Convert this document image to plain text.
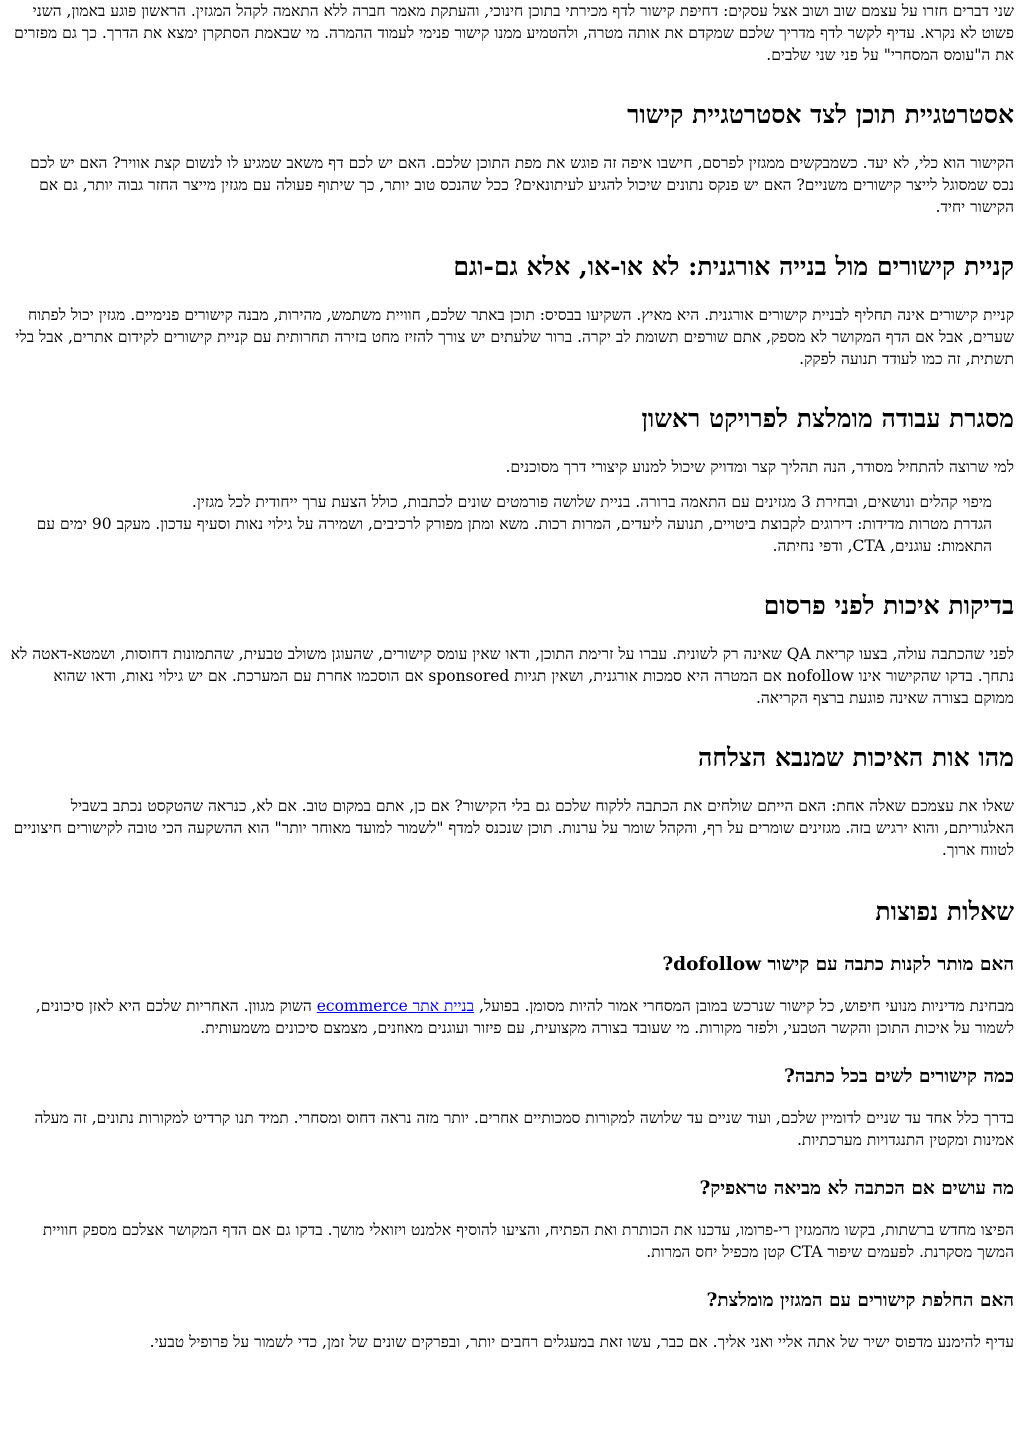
שני דברים חזרו על עצמם שוב ושוב אצל עסקים: דחיפת קישור לדף מכירתי בתוכן חינוכי, והעתקת מאמר חברה ללא התאמה לקהל המגזין. הראשון פוגע באמון, השני פשוט לא נקרא. עדיף לקשר לדף מדריך שלכם שמקדם את אותה מטרה, ולהטמיע ממנו קישור פנימי לעמוד ההמרה. מי שבאמת הסתקרן ימצא את הדרך. כך גם מפזרים את ה"עומס המסחרי" על פני שני שלבים.

אסטרטגיית תוכן לצד אסטרטגיית קישור

הקישור הוא כלי, לא יעד. כשמבקשים ממגזין לפרסם, חישבו איפה זה פוגש את מפת התוכן שלכם. האם יש לכם דף משאב שמגיע לו לנשום קצת אוויר? האם יש לכם נכס שמסוגל לייצר קישורים משניים? האם יש פנקס נתונים שיכול להגיע לעיתונאים? ככל שהנכס טוב יותר, כך שיתוף פעולה עם מגזין מייצר החזר גבוה יותר, גם אם הקישור יחיד.

קניית קישורים מול בנייה אורגנית: לא או-או, אלא גם-וגם

קניית קישורים אינה תחליף לבניית קישורים אורגנית. היא מאיץ. השקיעו בבסיס: תוכן באתר שלכם, חוויית משתמש, מהירות, מבנה קישורים פנימיים. מגזין יכול לפתוח שערים, אבל אם הדף המקושר לא מספק, אתם שורפים תשומת לב יקרה. ברור שלעתים יש צורך להזיז מחט בזירה תחרותית עם קניית קישורים לקידום אתרים, אבל בלי תשתית, זה כמו לעודד תנועה לפקק.

מסגרת עבודה מומלצת לפרויקט ראשון

למי שרוצה להתחיל מסודר, הנה תהליך קצר ומדויק שיכול למנוע קיצורי דרך מסוכנים.

מיפוי קהלים ונושאים, ובחירת 3 מגזינים עם התאמה ברורה. בניית שלושה פורמטים שונים לכתבות, כולל הצעת ערך ייחודית לכל מגזין.
הגדרת מטרות מדידות: דירוגים לקבוצת ביטויים, תנועה ליעדים, המרות רכות. משא ומתן מפורק לרכיבים, ושמירה על גילוי נאות וסעיף עדכון. מעקב 90 ימים עם התאמות: עוגנים, CTA, ודפי נחיתה.
בדיקות איכות לפני פרסום

לפני שהכתבה עולה, בצעו קריאת QA שאינה רק לשונית. עברו על זרימת התוכן, ודאו שאין עומס קישורים, שהעוגן משולב טבעית, שהתמונות דחוסות, ושמטא-דאטה לא נתחך. בדקו שהקישור אינו nofollow אם המטרה היא סמכות אורגנית, ושאין תגיות sponsored אם הוסכמו אחרת עם המערכת. אם יש גילוי נאות, ודאו שהוא ממוקם בצורה שאינה פוגעת ברצף הקריאה.

מהו אות האיכות שמנבא הצלחה

שאלו את עצמכם שאלה אחת: האם הייתם שולחים את הכתבה ללקוח שלכם גם בלי הקישור? אם כן, אתם במקום טוב. אם לא, כנראה שהטקסט נכתב בשביל האלגוריתם, והוא ירגיש בזה. מגזינים שומרים על רף, והקהל שומר על ערנות. תוכן שנכנס למדף "לשמור למועד מאוחר יותר" הוא ההשקעה הכי טובה לקישורים חיצוניים לטווח ארוך.

שאלות נפוצות
האם מותר לקנות כתבה עם קישור dofollow?

מבחינת מדיניות מנועי חיפוש, כל קישור שנרכש במובן המסחרי אמור להיות מסומן. בפועל, בניית אתר ecommerce השוק מגוון. האחריות שלכם היא לאזן סיכונים, לשמור על איכות התוכן והקשר הטבעי, ולפזר מקורות. מי שעובד בצורה מקצועית, עם פיזור ועוגנים מאוזנים, מצמצם סיכונים משמעותית.

כמה קישורים לשים בכל כתבה?

בדרך כלל אחד עד שניים לדומיין שלכם, ועוד שניים עד שלושה למקורות סמכותיים אחרים. יותר מזה נראה דחוס ומסחרי. תמיד תנו קרדיט למקורות נתונים, זה מעלה אמינות ומקטין התנגדויות מערכתיות.

מה עושים אם הכתבה לא מביאה טראפיק?

הפיצו מחדש ברשתות, בקשו מהמגזין רי-פרומו, עדכנו את הכותרת ואת הפתיח, והציעו להוסיף אלמנט ויזואלי מושך. בדקו גם אם הדף המקושר אצלכם מספק חוויית המשך מסקרנת. לפעמים שיפור CTA קטן מכפיל יחס המרות.

האם החלפת קישורים עם המגזין מומלצת?

עדיף להימנע מדפוס ישיר של אתה אליי ואני אליך. אם כבר, עשו זאת במעגלים רחבים יותר, ובפרקים שונים של זמן, כדי לשמור על פרופיל טבעי.
